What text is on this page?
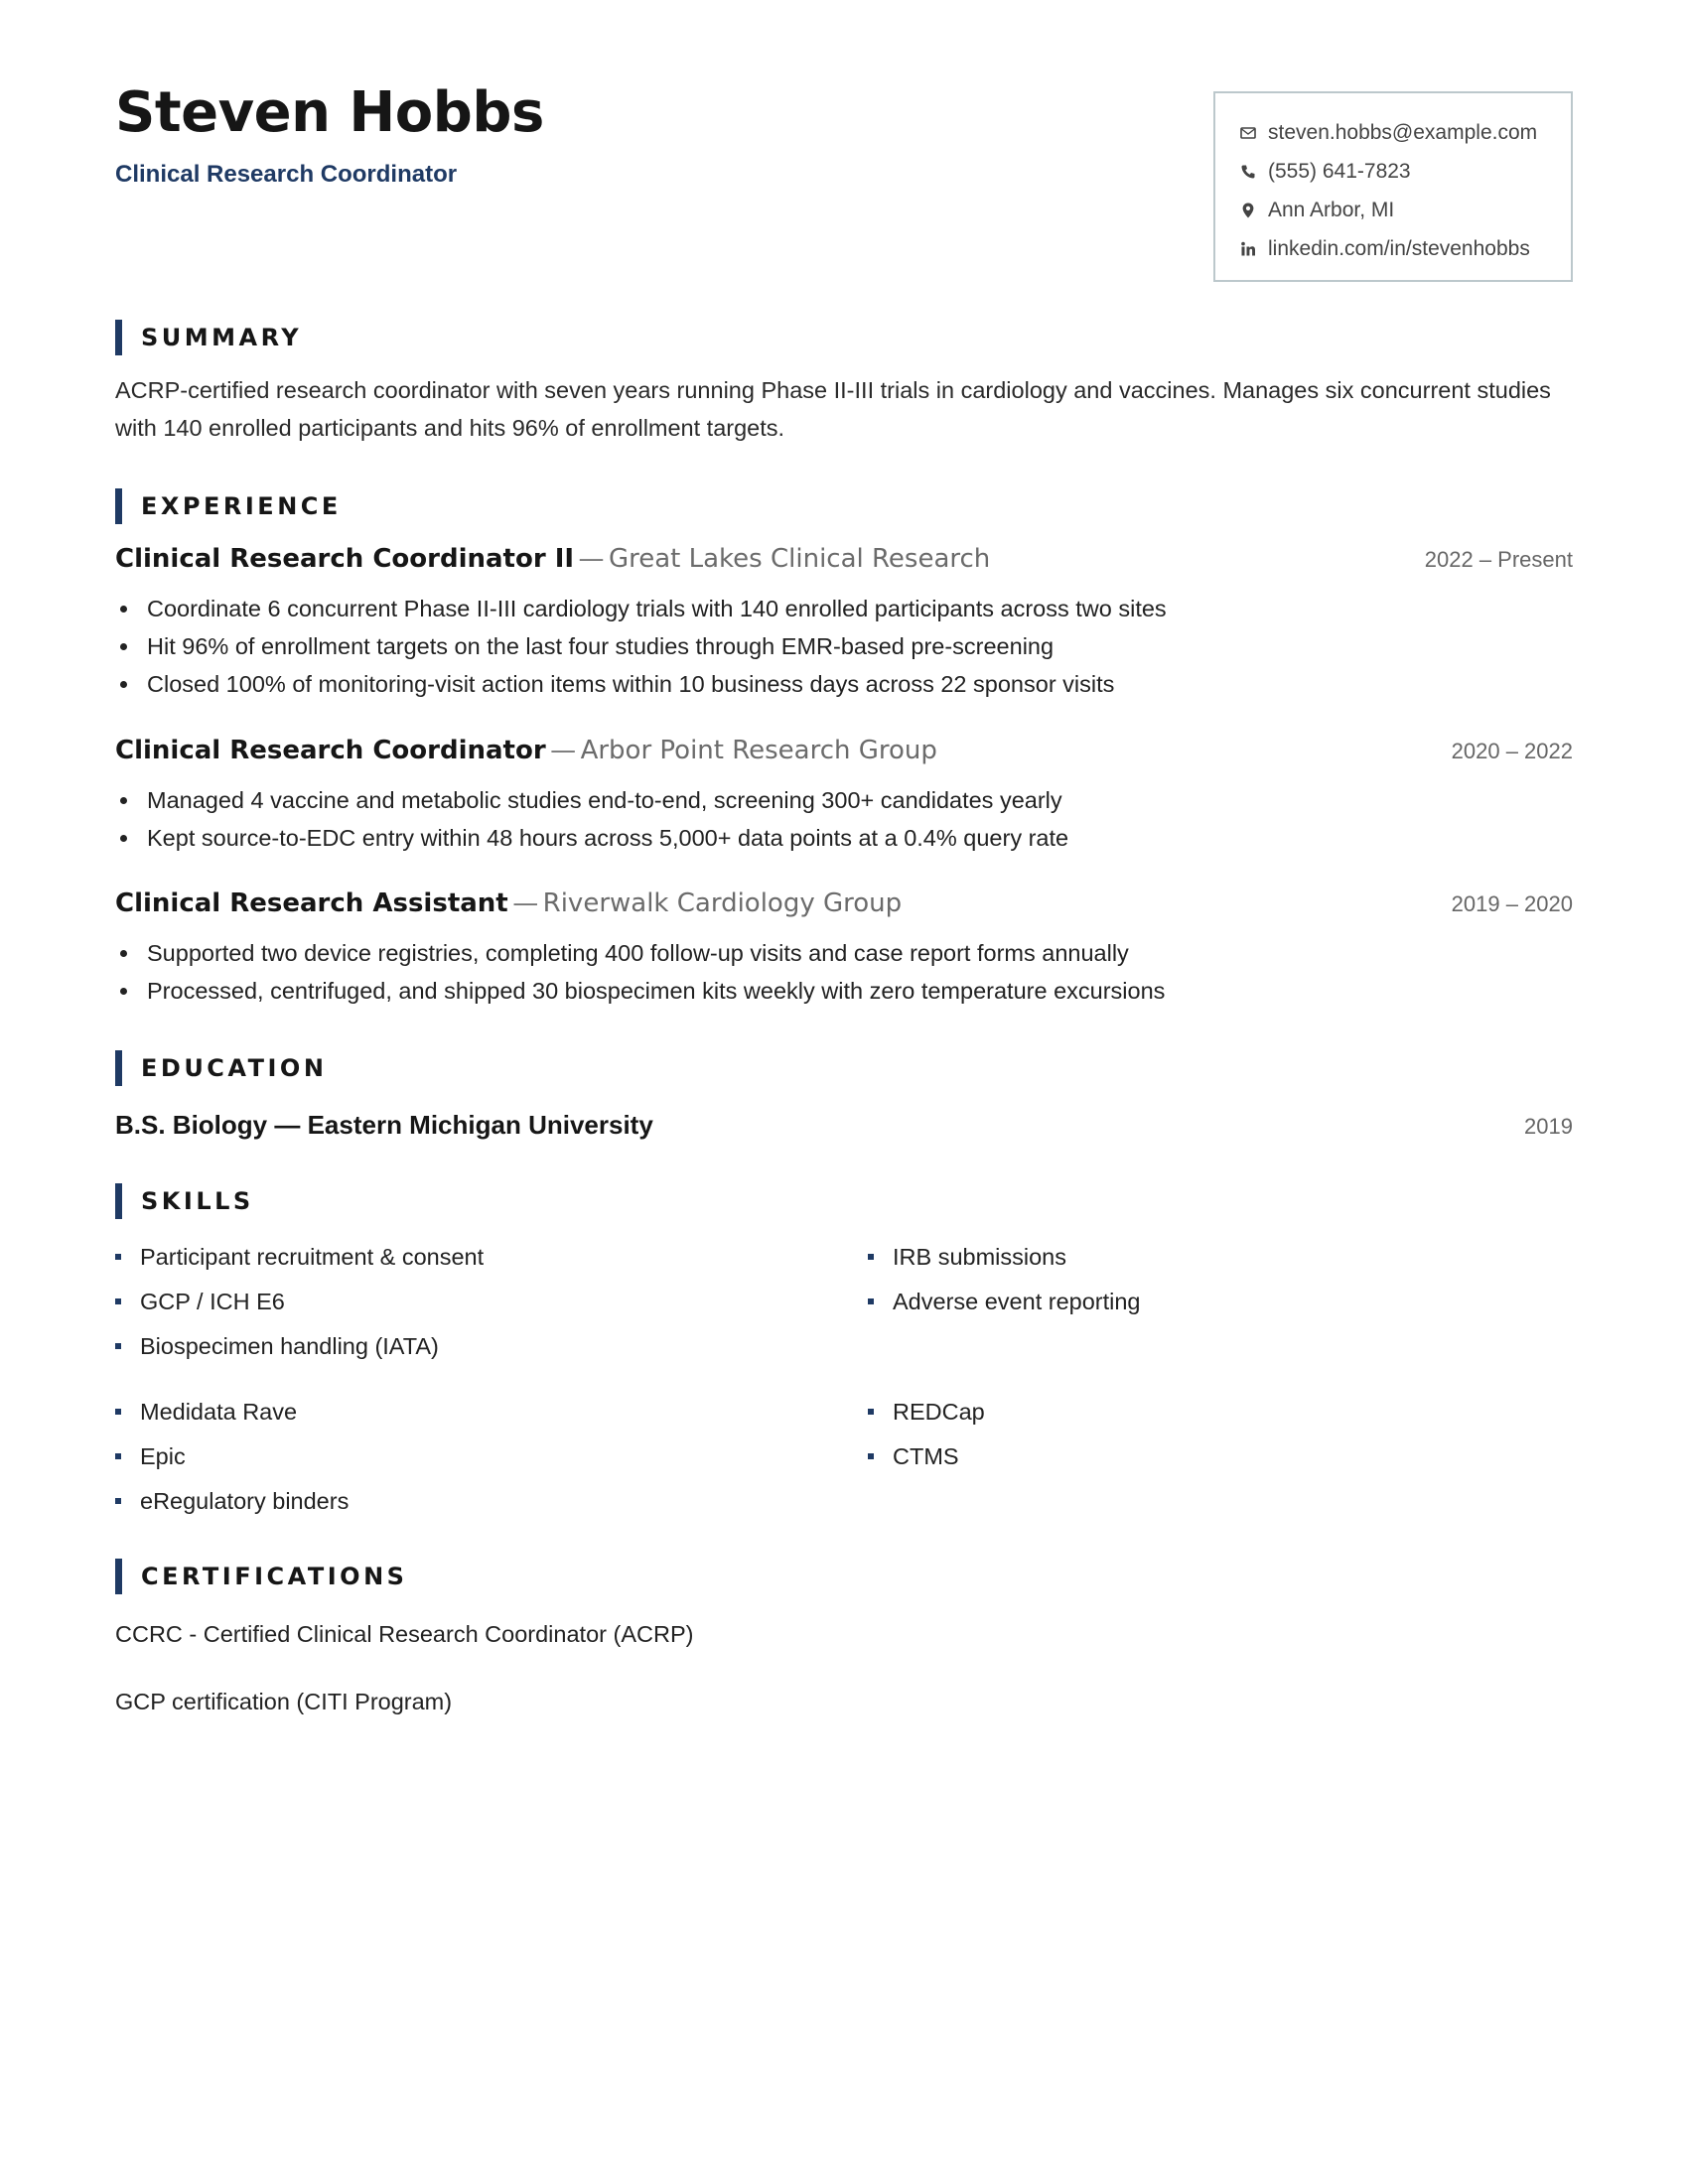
Steven Hobbs
Clinical Research Coordinator
steven.hobbs@example.com
(555) 641-7823
Ann Arbor, MI
linkedin.com/in/stevenhobbs
SUMMARY
ACRP-certified research coordinator with seven years running Phase II-III trials in cardiology and vaccines. Manages six concurrent studies with 140 enrolled participants and hits 96% of enrollment targets.
EXPERIENCE
Clinical Research Coordinator II — Great Lakes Clinical Research	2022 – Present
Coordinate 6 concurrent Phase II-III cardiology trials with 140 enrolled participants across two sites
Hit 96% of enrollment targets on the last four studies through EMR-based pre-screening
Closed 100% of monitoring-visit action items within 10 business days across 22 sponsor visits
Clinical Research Coordinator — Arbor Point Research Group	2020 – 2022
Managed 4 vaccine and metabolic studies end-to-end, screening 300+ candidates yearly
Kept source-to-EDC entry within 48 hours across 5,000+ data points at a 0.4% query rate
Clinical Research Assistant — Riverwalk Cardiology Group	2019 – 2020
Supported two device registries, completing 400 follow-up visits and case report forms annually
Processed, centrifuged, and shipped 30 biospecimen kits weekly with zero temperature excursions
EDUCATION
B.S. Biology — Eastern Michigan University	2019
SKILLS
Participant recruitment & consent
GCP / ICH E6
Biospecimen handling (IATA)
IRB submissions
Adverse event reporting
Medidata Rave
Epic
eRegulatory binders
REDCap
CTMS
CERTIFICATIONS
CCRC - Certified Clinical Research Coordinator (ACRP)
GCP certification (CITI Program)
